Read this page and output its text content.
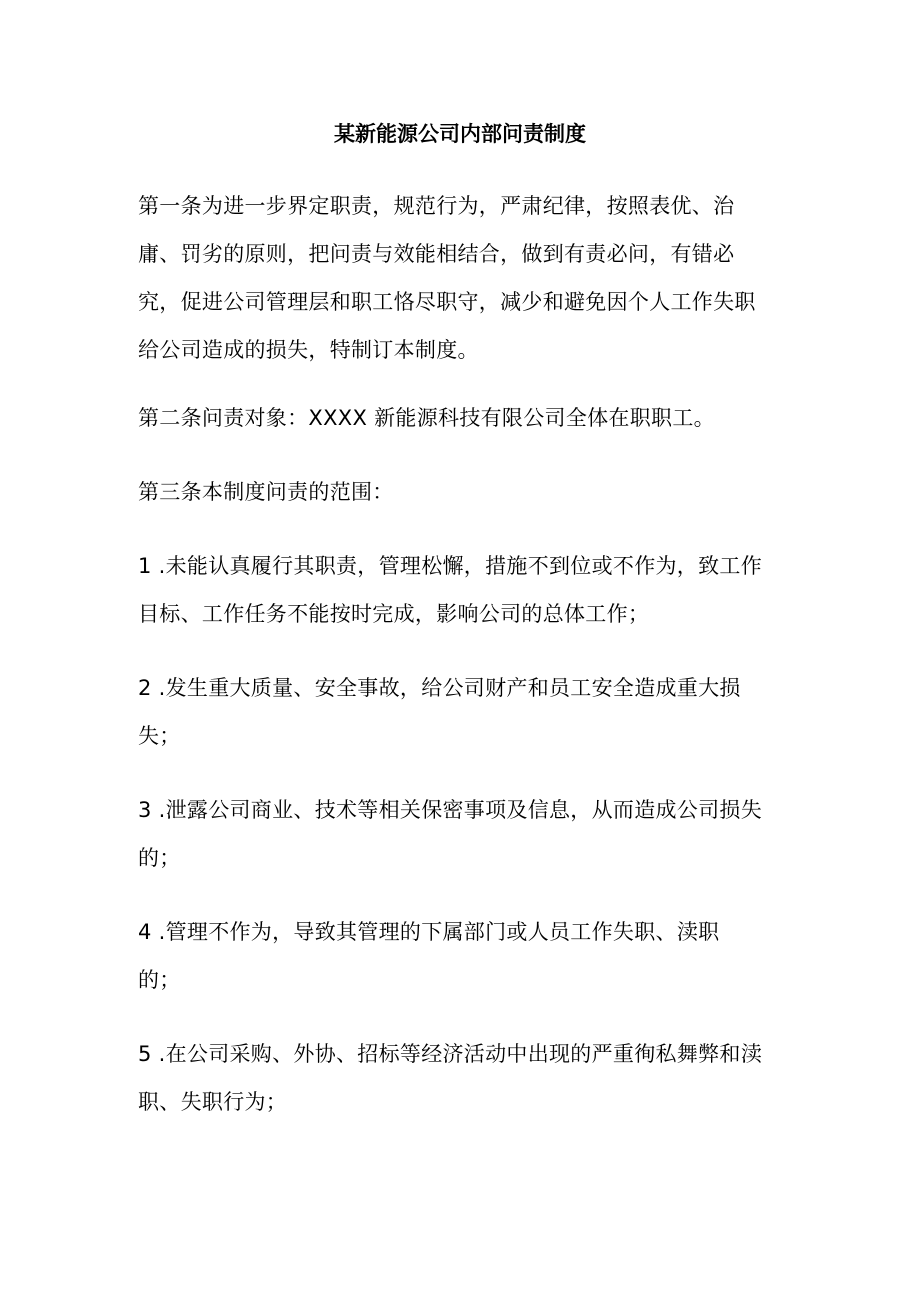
某新能源公司内部问责制度
第一条为进一步界定职责，规范行为，严肃纪律，按照表优、治
庸、罚劣的原则，把问责与效能相结合，做到有责必问，有错必
究，促进公司管理层和职工恪尽职守，减少和避免因个人工作失职
给公司造成的损失，特制订本制度。
第二条问责对象：XXXX 新能源科技有限公司全体在职职工。
第三条本制度问责的范围：
1 .未能认真履行其职责，管理松懈，措施不到位或不作为，致工作
目标、工作任务不能按时完成，影响公司的总体工作；
2 .发生重大质量、安全事故，给公司财产和员工安全造成重大损
失；
3 .泄露公司商业、技术等相关保密事项及信息，从而造成公司损失
的；
4 .管理不作为，导致其管理的下属部门或人员工作失职、渎职
的；
5 .在公司采购、外协、招标等经济活动中出现的严重徇私舞弊和渎
职、失职行为；
